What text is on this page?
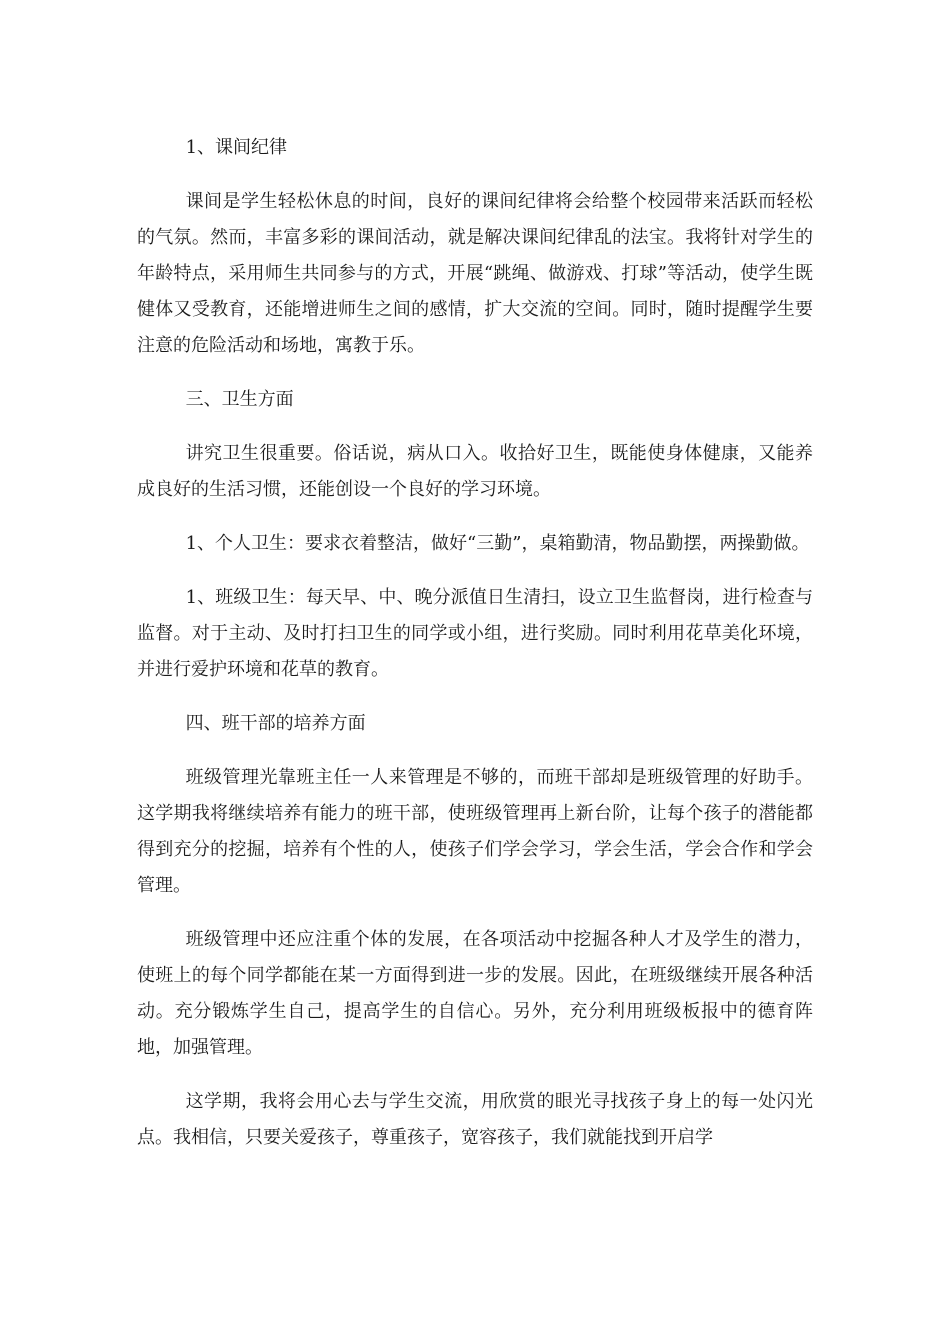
1、课间纪律

课间是学生轻松休息的时间，良好的课间纪律将会给整个校园带来活跃而轻松的气氛。然而，丰富多彩的课间活动，就是解决课间纪律乱的法宝。我将针对学生的年龄特点，采用师生共同参与的方式，开展“跳绳、做游戏、打球”等活动，使学生既健体又受教育，还能增进师生之间的感情，扩大交流的空间。同时，随时提醒学生要注意的危险活动和场地，寓教于乐。

三、卫生方面

讲究卫生很重要。俗话说，病从口入。收拾好卫生，既能使身体健康，又能养成良好的生活习惯，还能创设一个良好的学习环境。

1、个人卫生：要求衣着整洁，做好“三勤”，桌箱勤清，物品勤摆，两操勤做。

1、班级卫生：每天早、中、晚分派值日生清扫，设立卫生监督岗，进行检查与监督。对于主动、及时打扫卫生的同学或小组，进行奖励。同时利用花草美化环境，并进行爱护环境和花草的教育。

四、班干部的培养方面

班级管理光靠班主任一人来管理是不够的，而班干部却是班级管理的好助手。这学期我将继续培养有能力的班干部，使班级管理再上新台阶，让每个孩子的潜能都得到充分的挖掘，培养有个性的人，使孩子们学会学习，学会生活，学会合作和学会管理。

班级管理中还应注重个体的发展，在各项活动中挖掘各种人才及学生的潜力，使班上的每个同学都能在某一方面得到进一步的发展。因此，在班级继续开展各种活动。充分锻炼学生自己，提高学生的自信心。另外，充分利用班级板报中的德育阵地，加强管理。

这学期，我将会用心去与学生交流，用欣赏的眼光寻找孩子身上的每一处闪光点。我相信，只要关爱孩子，尊重孩子，宽容孩子，我们就能找到开启学
